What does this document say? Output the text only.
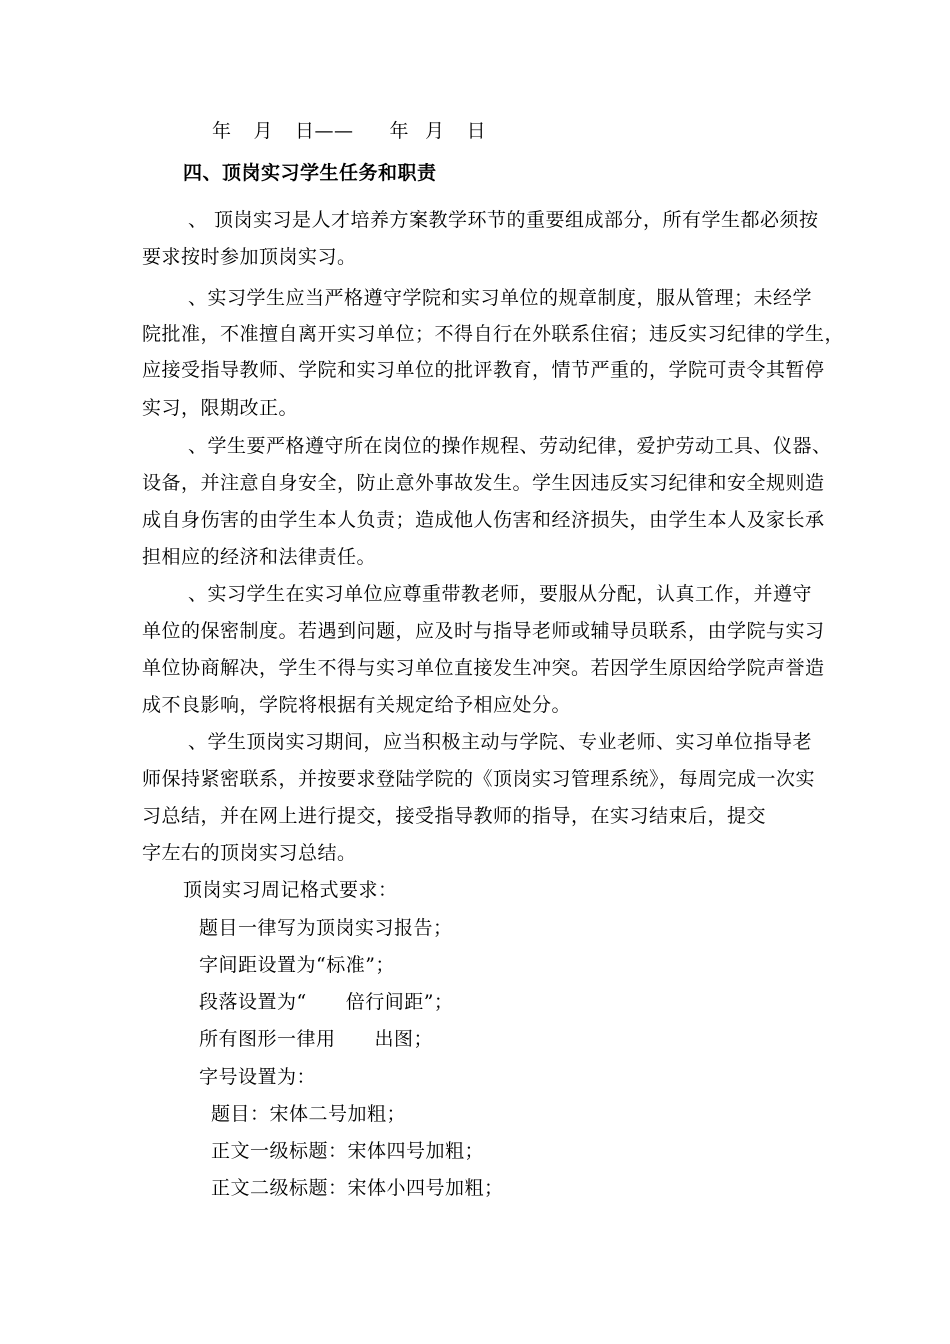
年 月 日—— 年 月 日
四、顶岗实习学生任务和职责
、 顶岗实习是人才培养方案教学环节的重要组成部分，所有学生都必须按
要求按时参加顶岗实习。
、实习学生应当严格遵守学院和实习单位的规章制度，服从管理；未经学
院批准，不准擅自离开实习单位；不得自行在外联系住宿；违反实习纪律的学生，
应接受指导教师、学院和实习单位的批评教育，情节严重的，学院可责令其暂停
实习，限期改正。
、学生要严格遵守所在岗位的操作规程、劳动纪律，爱护劳动工具、仪器、
设备，并注意自身安全，防止意外事故发生。学生因违反实习纪律和安全规则造
成自身伤害的由学生本人负责；造成他人伤害和经济损失，由学生本人及家长承
担相应的经济和法律责任。
、实习学生在实习单位应尊重带教老师，要服从分配，认真工作，并遵守
单位的保密制度。若遇到问题，应及时与指导老师或辅导员联系，由学院与实习
单位协商解决，学生不得与实习单位直接发生冲突。若因学生原因给学院声誉造
成不良影响，学院将根据有关规定给予相应处分。
、学生顶岗实习期间，应当积极主动与学院、专业老师、实习单位指导老
师保持紧密联系，并按要求登陆学院的《顶岗实习管理系统》，每周完成一次实
习总结，并在网上进行提交，接受指导教师的指导，在实习结束后，提交
字左右的顶岗实习总结。
顶岗实习周记格式要求：
题目一律写为顶岗实习报告；
字间距设置为“标准”；
段落设置为“　　倍行间距”；
所有图形一律用　　出图；
字号设置为：
题目：宋体二号加粗；
正文一级标题：宋体四号加粗；
正文二级标题：宋体小四号加粗；
